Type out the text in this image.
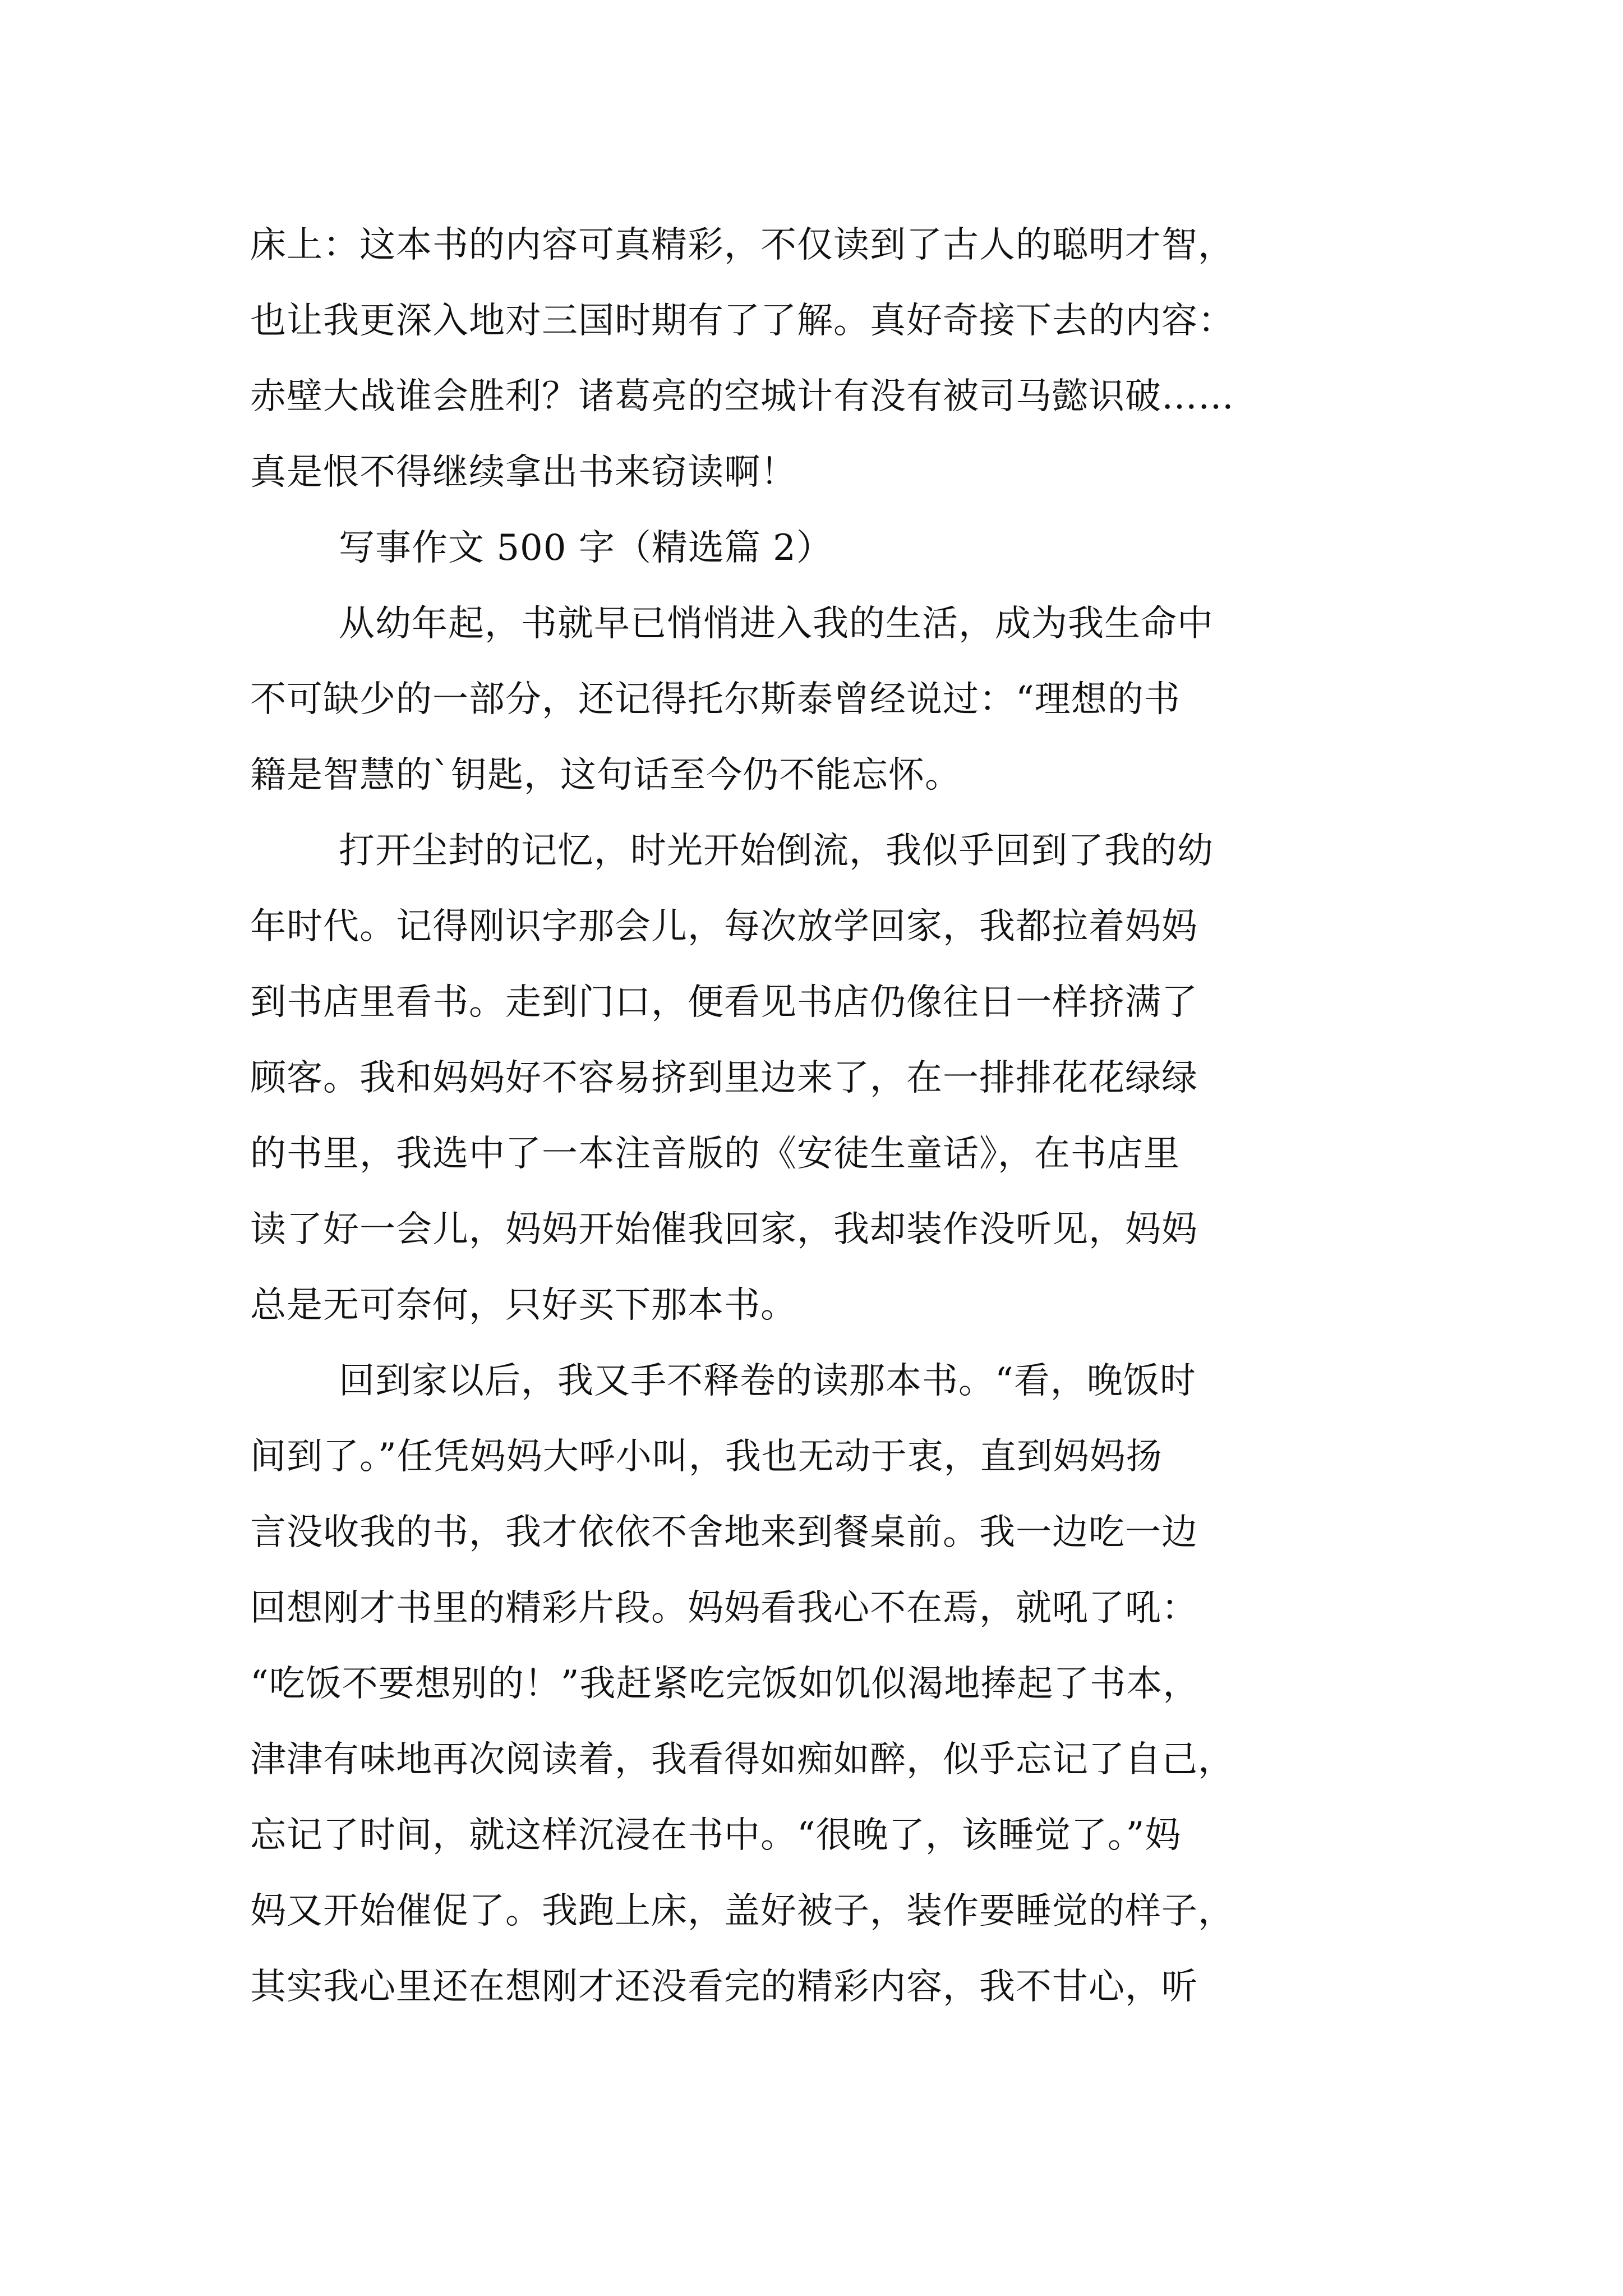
床上：这本书的内容可真精彩，不仅读到了古人的聪明才智，
也让我更深入地对三国时期有了了解。真好奇接下去的内容：
赤壁大战谁会胜利？诸葛亮的空城计有没有被司马懿识破……
真是恨不得继续拿出书来窃读啊！
写事作文 500 字（精选篇 2）
从幼年起，书就早已悄悄进入我的生活，成为我生命中
不可缺少的一部分，还记得托尔斯泰曾经说过：“理想的书
籍是智慧的`钥匙，这句话至今仍不能忘怀。
打开尘封的记忆，时光开始倒流，我似乎回到了我的幼
年时代。记得刚识字那会儿，每次放学回家，我都拉着妈妈
到书店里看书。走到门口，便看见书店仍像往日一样挤满了
顾客。我和妈妈好不容易挤到里边来了，在一排排花花绿绿
的书里，我选中了一本注音版的《安徒生童话》，在书店里
读了好一会儿，妈妈开始催我回家，我却装作没听见，妈妈
总是无可奈何，只好买下那本书。
回到家以后，我又手不释卷的读那本书。“看，晚饭时
间到了。”任凭妈妈大呼小叫，我也无动于衷，直到妈妈扬
言没收我的书，我才依依不舍地来到餐桌前。我一边吃一边
回想刚才书里的精彩片段。妈妈看我心不在焉，就吼了吼：
“吃饭不要想别的！”我赶紧吃完饭如饥似渴地捧起了书本，
津津有味地再次阅读着，我看得如痴如醉，似乎忘记了自己，
忘记了时间，就这样沉浸在书中。“很晚了，该睡觉了。”妈
妈又开始催促了。我跑上床，盖好被子，装作要睡觉的样子，
其实我心里还在想刚才还没看完的精彩内容，我不甘心，听
